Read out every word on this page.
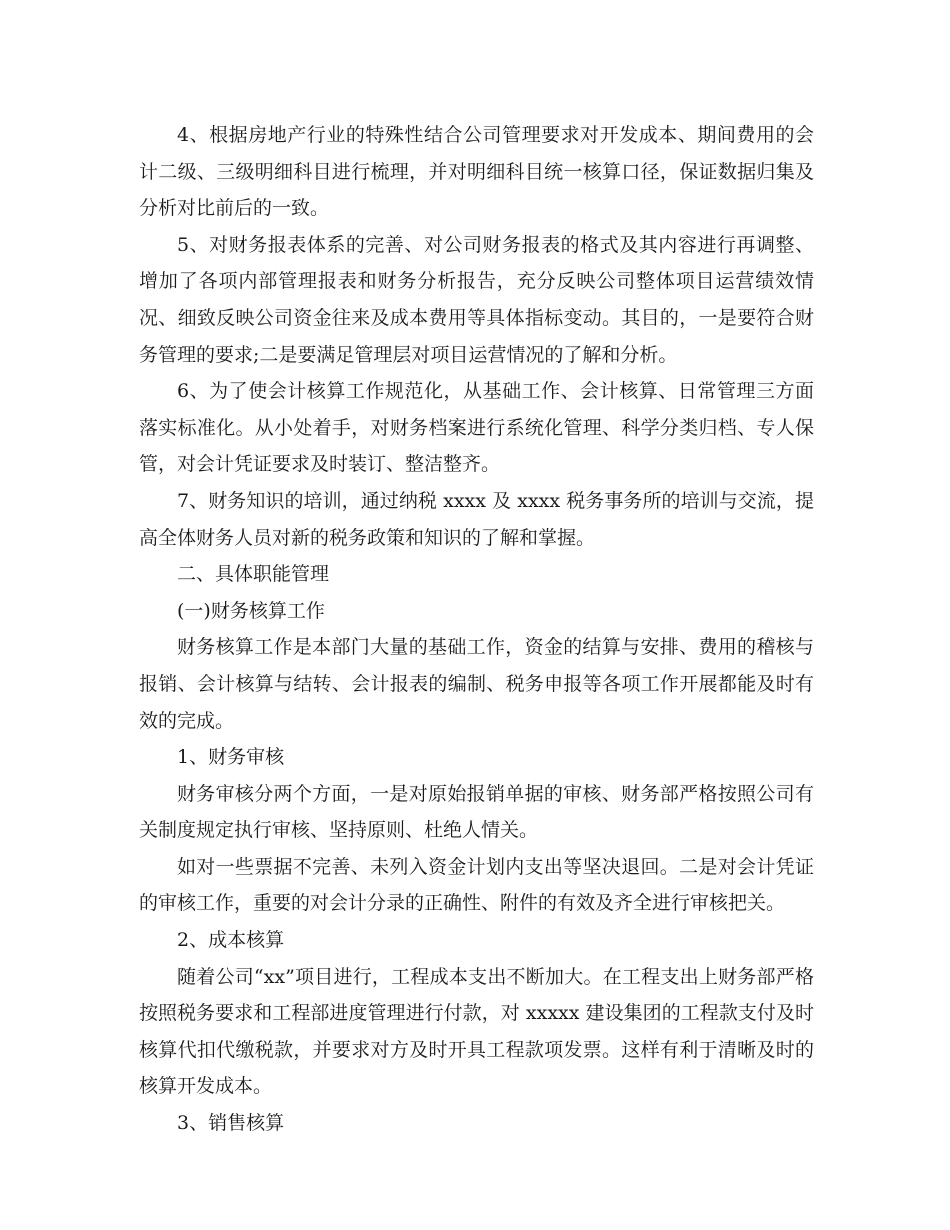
4、根据房地产行业的特殊性结合公司管理要求对开发成本、期间费用的会计二级、三级明细科目进行梳理，并对明细科目统一核算口径，保证数据归集及分析对比前后的一致。

5、对财务报表体系的完善、对公司财务报表的格式及其内容进行再调整、增加了各项内部管理报表和财务分析报告，充分反映公司整体项目运营绩效情况、细致反映公司资金往来及成本费用等具体指标变动。其目的，一是要符合财务管理的要求;二是要满足管理层对项目运营情况的了解和分析。

6、为了使会计核算工作规范化，从基础工作、会计核算、日常管理三方面落实标准化。从小处着手，对财务档案进行系统化管理、科学分类归档、专人保管，对会计凭证要求及时装订、整洁整齐。

7、财务知识的培训，通过纳税 xxxx 及 xxxx 税务事务所的培训与交流，提高全体财务人员对新的税务政策和知识的了解和掌握。

二、具体职能管理

(一)财务核算工作

财务核算工作是本部门大量的基础工作，资金的结算与安排、费用的稽核与报销、会计核算与结转、会计报表的编制、税务申报等各项工作开展都能及时有效的完成。

1、财务审核

财务审核分两个方面，一是对原始报销单据的审核、财务部严格按照公司有关制度规定执行审核、坚持原则、杜绝人情关。

如对一些票据不完善、未列入资金计划内支出等坚决退回。二是对会计凭证的审核工作，重要的对会计分录的正确性、附件的有效及齐全进行审核把关。

2、成本核算

随着公司“xx”项目进行，工程成本支出不断加大。在工程支出上财务部严格按照税务要求和工程部进度管理进行付款，对 xxxxx 建设集团的工程款支付及时核算代扣代缴税款，并要求对方及时开具工程款项发票。这样有利于清晰及时的核算开发成本。

3、销售核算
